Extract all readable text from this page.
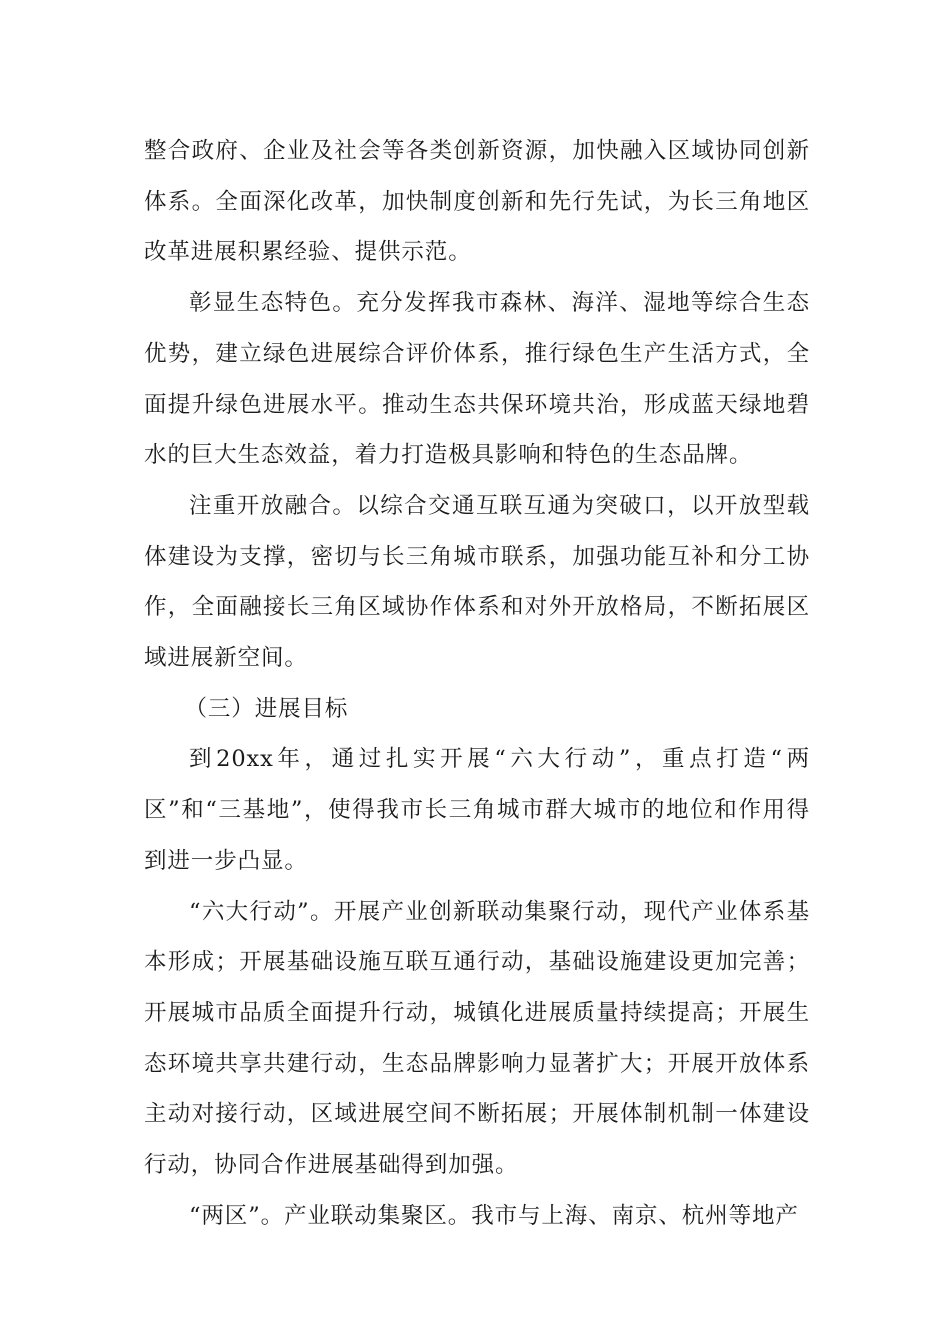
整合政府、企业及社会等各类创新资源，加快融入区域协同创新体系。全面深化改革，加快制度创新和先行先试，为长三角地区改革进展积累经验、提供示范。

彰显生态特色。充分发挥我市森林、海洋、湿地等综合生态优势，建立绿色进展综合评价体系，推行绿色生产生活方式，全面提升绿色进展水平。推动生态共保环境共治，形成蓝天绿地碧水的巨大生态效益，着力打造极具影响和特色的生态品牌。

注重开放融合。以综合交通互联互通为突破口，以开放型载体建设为支撑，密切与长三角城市联系，加强功能互补和分工协作，全面融接长三角区域协作体系和对外开放格局，不断拓展区域进展新空间。

（三）进展目标

到20xx年，通过扎实开展“六大行动”，重点打造“两区”和“三基地”，使得我市长三角城市群大城市的地位和作用得到进一步凸显。

“六大行动”。开展产业创新联动集聚行动，现代产业体系基本形成；开展基础设施互联互通行动，基础设施建设更加完善；开展城市品质全面提升行动，城镇化进展质量持续提高；开展生态环境共享共建行动，生态品牌影响力显著扩大；开展开放体系主动对接行动，区域进展空间不断拓展；开展体制机制一体建设行动，协同合作进展基础得到加强。

“两区”。产业联动集聚区。我市与上海、南京、杭州等地产
